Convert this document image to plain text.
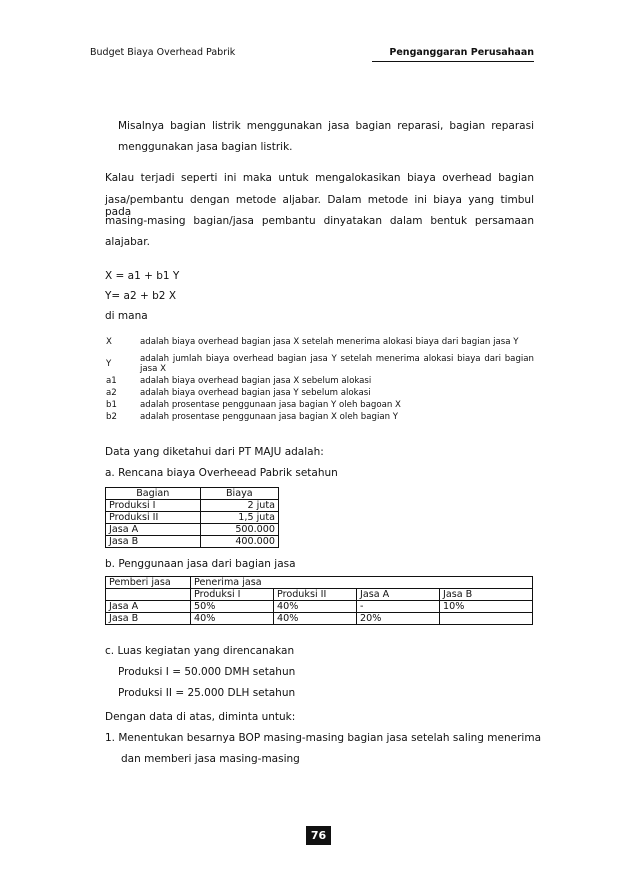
Budget Biaya Overhead Pabrik	Penganggaran Perusahaan
Misalnya bagian listrik menggunakan jasa bagian reparasi, bagian reparasi
menggunakan jasa bagian listrik.
Kalau terjadi seperti ini maka untuk mengalokasikan biaya overhead bagian
jasa/pembantu dengan metode aljabar. Dalam metode ini biaya yang timbul pada
masing-masing bagian/jasa pembantu dinyatakan dalam bentuk persamaan
alajabar.
X = a1 + b1 Y
Y= a2 + b2 X
di mana
X	adalah biaya overhead bagian jasa X setelah menerima alokasi biaya dari bagian jasa Y
Y	adalah jumlah biaya overhead bagian jasa Y setelah menerima alokasi biaya dari bagian jasa X
a1	adalah biaya overhead bagian jasa X sebelum alokasi
a2	adalah biaya overhead bagian jasa Y sebelum alokasi
b1	adalah prosentase penggunaan jasa bagian Y oleh bagoan X
b2	adalah prosentase penggunaan jasa bagian X oleh bagian Y
Data yang diketahui dari PT MAJU adalah:
a. Rencana biaya Overheead Pabrik setahun
Bagian	Biaya
Produksi I	2 juta
Produksi II	1,5 juta
Jasa A	500.000
Jasa B	400.000
b. Penggunaan jasa dari bagian jasa
Pemberi jasa	Penerima jasa			
	Produksi I	Produksi II	Jasa A	Jasa B
Jasa A	50%	40%	-	10%
Jasa B	40%	40%	20%	
c. Luas kegiatan yang direncanakan
Produksi I = 50.000 DMH setahun
Produksi II = 25.000 DLH setahun
Dengan data di atas, diminta untuk:
1. Menentukan besarnya BOP masing-masing bagian jasa setelah saling menerima
dan memberi jasa masing-masing
76
